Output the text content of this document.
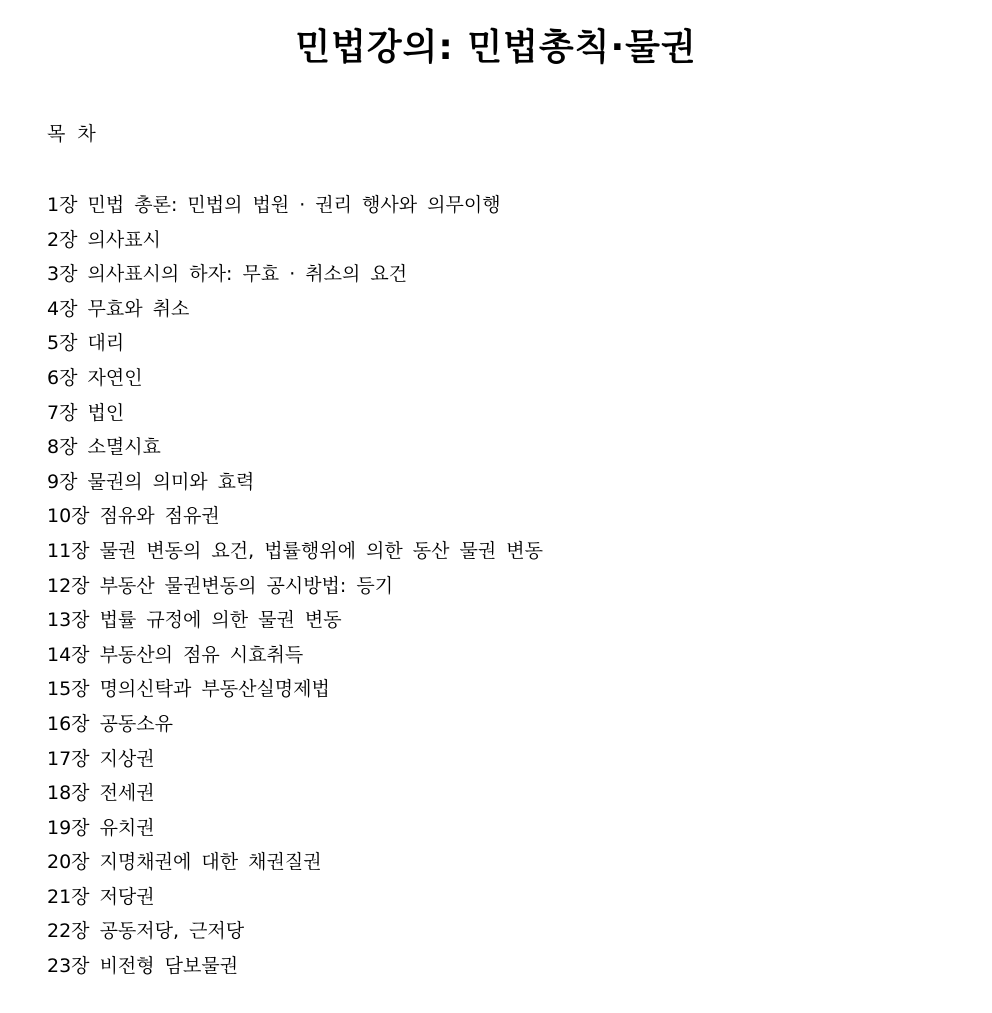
민법강의: 민법총칙·물권
목 차
1장 민법 총론: 민법의 법원 · 권리 행사와 의무이행
2장 의사표시
3장 의사표시의 하자: 무효 · 취소의 요건
4장 무효와 취소
5장 대리
6장 자연인
7장 법인
8장 소멸시효
9장 물권의 의미와 효력
10장 점유와 점유권
11장 물권 변동의 요건, 법률행위에 의한 동산 물권 변동
12장 부동산 물권변동의 공시방법: 등기
13장 법률 규정에 의한 물권 변동
14장 부동산의 점유 시효취득
15장 명의신탁과 부동산실명제법
16장 공동소유
17장 지상권
18장 전세권
19장 유치권
20장 지명채권에 대한 채권질권
21장 저당권
22장 공동저당, 근저당
23장 비전형 담보물권
